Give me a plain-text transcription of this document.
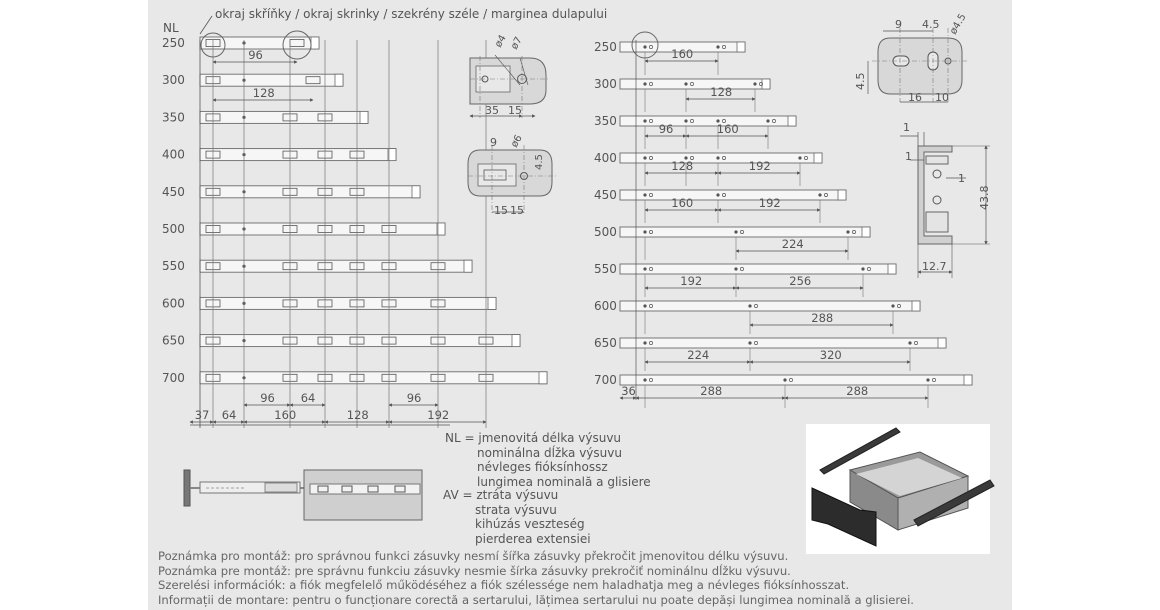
NL
okraj skříňky / okraj skrinky / szekrény széle / marginea dulapului
250
300
350
400
450
500
550
600
650
700
96
128
64
96	96
37 64	160	128	192
35 15
ø4 ø7
9 ø6
4.5
15 15
250
300
350
400
450
500
550
600
650
700
160
128
96	160
128	192
160	192
224
192	256
288
224	320
36	288	288
9 4.5 ø4.5
4.5
16 10
1
1
1
43.8
12.7
NL = jmenovitá délka výsuvu
nominálna dĺžka výsuvu
névleges fióksínhossz
lungimea nominală a glisiere
AV = ztráta výsuvu
strata výsuvu
kihúzás veszteség
pierderea extensiei
Poznámka pro montáž: pro správnou funkci zásuvky nesmí šířka zásuvky překročit jmenovitou délku výsuvu.
Poznámka pre montáž: pre správnu funkciu zásuvky nesmie šírka zásuvky prekročiť nominálnu dĺžku výsuvu.
Szerelési információk: a fiók megfelelő működéséhez a fiók szélessége nem haladhatja meg a névleges fióksínhosszat.
Informații de montare: pentru o funcționare corectă a sertarului, lățimea sertarului nu poate depăși lungimea nominală a glisierei.
